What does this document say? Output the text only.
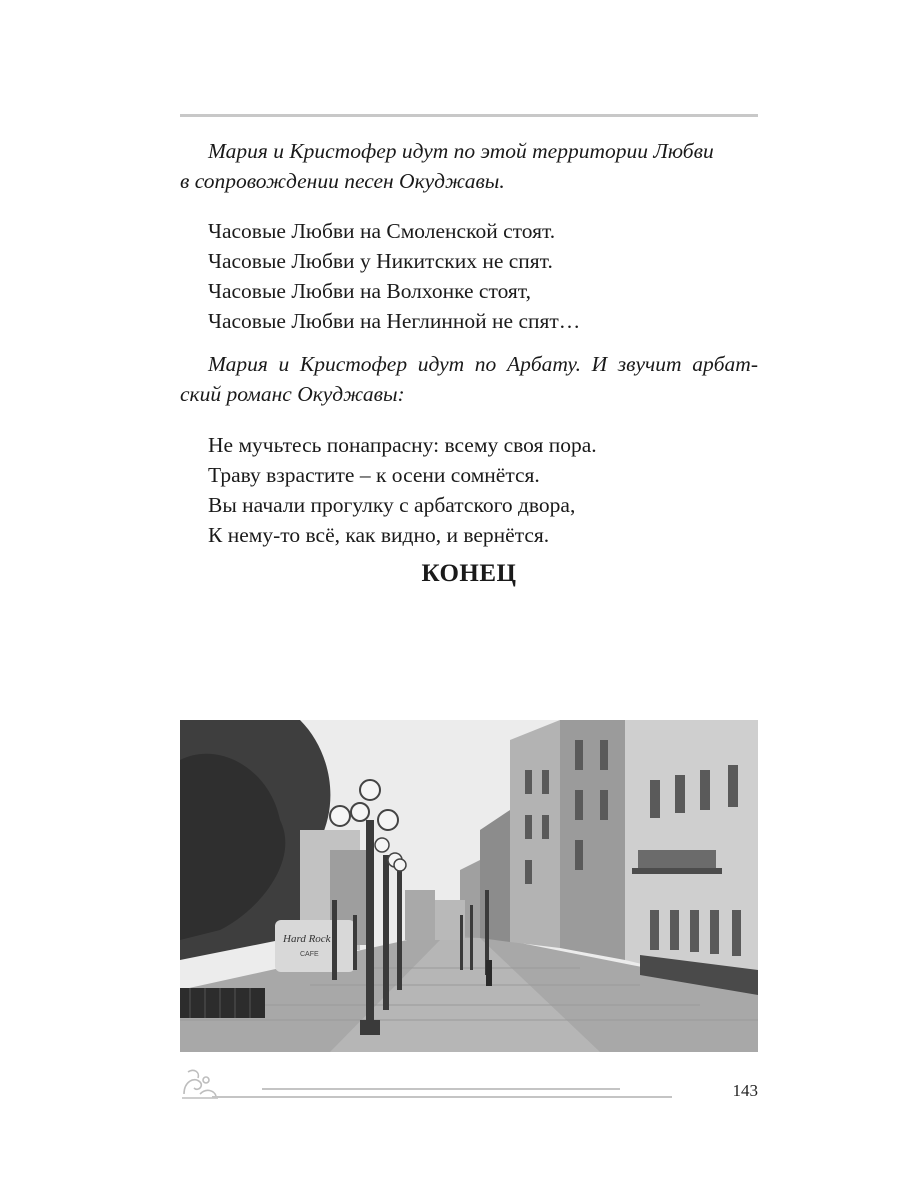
Мария и Кристофер идут по этой территории Любви
в сопровождении песен Окуджавы.
Часовые Любви на Смоленской стоят.
Часовые Любви у Никитских не спят.
Часовые Любви на Волхонке стоят,
Часовые Любви на Неглинной не спят…
Мария и Кристофер идут по Арбату. И звучит арбат-
ский романс Окуджавы:
Не мучьтесь понапрасну: всему своя пора.
Траву взрастите – к осени сомнётся.
Вы начали прогулку с арбатского двора,
К нему-то всё, как видно, и вернётся.
КОНЕЦ
Hard Rock
CAFE
143
